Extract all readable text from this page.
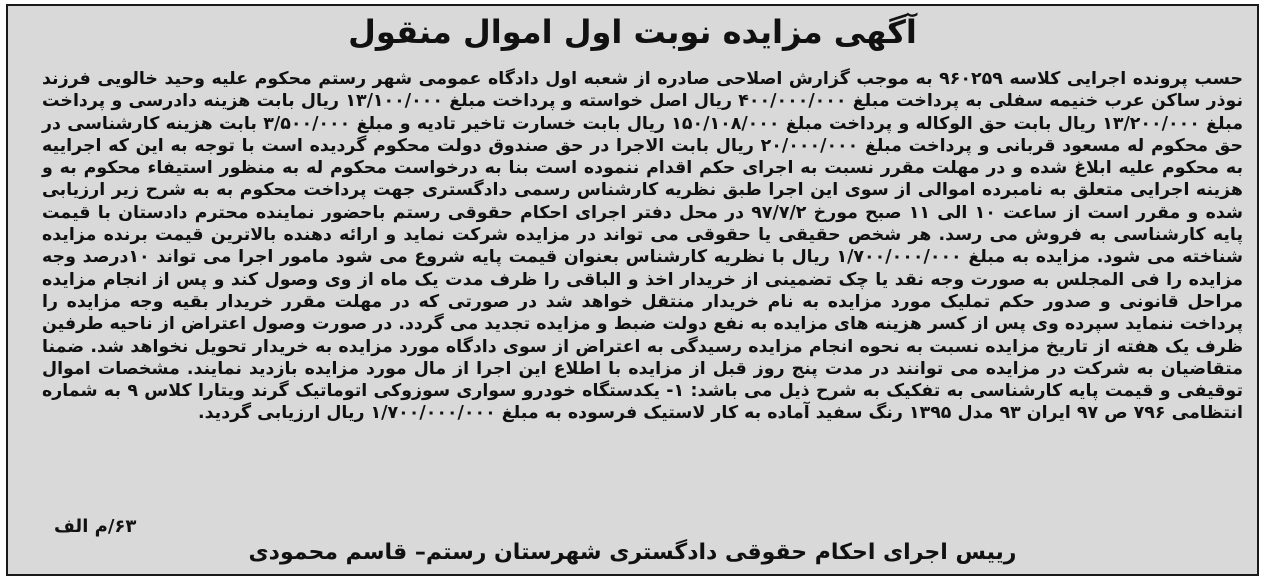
آگهی مزایده نوبت اول اموال منقول
حسب پرونده اجرایی کلاسه ۹۶۰۲۵۹ به موجب گزارش اصلاحی صادره از شعبه اول دادگاه عمومی شهر رستم محکوم علیه وحید خالویی فرزند نوذر ساکن عرب خنیمه سفلی به پرداخت مبلغ ۴۰۰/۰۰۰/۰۰۰ ریال اصل خواسته و پرداخت مبلغ ۱۳/۱۰۰/۰۰۰ ریال بابت هزینه دادرسی و پرداخت مبلغ ۱۳/۲۰۰/۰۰۰ ریال بابت حق الوکاله و پرداخت مبلغ ۱۵۰/۱۰۸/۰۰۰ ریال بابت خسارت تاخیر تادیه و مبلغ ۳/۵۰۰/۰۰۰ بابت هزینه کارشناسی در حق محکوم له مسعود قربانی و پرداخت مبلغ ۲۰/۰۰۰/۰۰۰ ریال بابت الاجرا در حق صندوق دولت محکوم گردیده است با توجه به این که اجراییه به محکوم علیه ابلاغ شده و در مهلت مقرر نسبت به اجرای حکم اقدام ننموده است بنا به درخواست محکوم له به منظور استیفاء محکوم به و هزینه اجرایی متعلق به نامبرده اموالی از سوی این اجرا طبق نظریه کارشناس رسمی دادگستری جهت پرداخت محکوم به به شرح زیر ارزیابی شده و مقرر است از ساعت ۱۰ الی ۱۱ صبح مورخ ۹۷/۷/۲ در محل دفتر اجرای احکام حقوقی رستم باحضور نماینده محترم دادستان با قیمت پایه کارشناسی به فروش می رسد. هر شخص حقیقی یا حقوقی می تواند در مزایده شرکت نماید و ارائه دهنده بالاترین قیمت برنده مزایده شناخته می شود. مزایده به مبلغ ۱/۷۰۰/۰۰۰/۰۰۰ ریال با نظریه کارشناس بعنوان قیمت پایه شروع می شود مامور اجرا می تواند ۱۰درصد وجه مزایده را فی المجلس به صورت وجه نقد یا چک تضمینی از خریدار اخذ و الباقی را ظرف مدت یک ماه از وی وصول کند و پس از انجام مزایده مراحل قانونی و صدور حکم تملیک مورد مزایده به نام خریدار منتقل خواهد شد در صورتی که در مهلت مقرر خریدار بقیه وجه مزایده را پرداخت ننماید سپرده وی پس از کسر هزینه های مزایده به نفع دولت ضبط و مزایده تجدید می گردد. در صورت وصول اعتراض از ناحیه طرفین ظرف یک هفته از تاریخ مزایده نسبت به نحوه انجام مزایده رسیدگی به اعتراض از سوی دادگاه مورد مزایده به خریدار تحویل نخواهد شد. ضمنا متقاضیان به شرکت در مزایده می توانند در مدت پنج روز قبل از مزایده با اطلاع این اجرا از مال مورد مزایده بازدید نمایند. مشخصات اموال توقیفی و قیمت پایه کارشناسی به تفکیک به شرح ذیل می باشد: ۱- یکدستگاه خودرو سواری سوزوکی اتوماتیک گرند ویتارا کلاس ۹ به شماره انتظامی ۷۹۶ ص ۹۷ ایران ۹۳ مدل ۱۳۹۵ رنگ سفید آماده به کار لاستیک فرسوده به مبلغ ۱/۷۰۰/۰۰۰/۰۰۰ ریال ارزیابی گردید.
۶۳/م الف
رییس اجرای احکام حقوقی دادگستری شهرستان رستم– قاسم محمودی
